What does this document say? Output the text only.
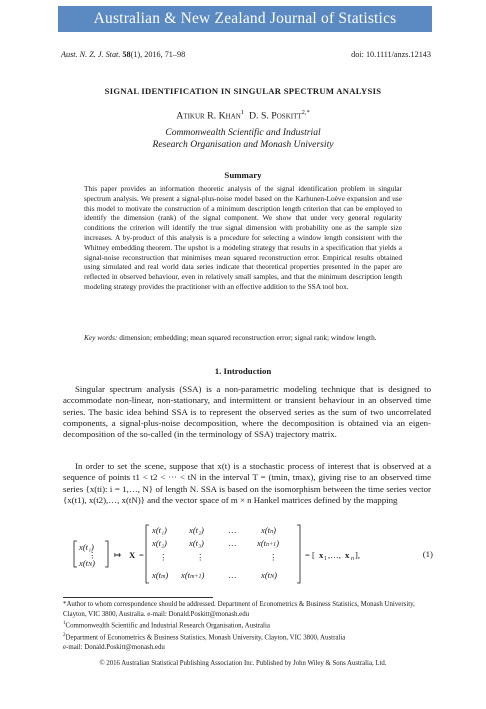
Australian & New Zealand Journal of Statistics
Aust. N. Z. J. Stat. 58(1), 2016, 71–98	doi: 10.1111/anzs.12143
SIGNAL IDENTIFICATION IN SINGULAR SPECTRUM ANALYSIS
Atikur R. Khan$^1$ D. S. Poskitt$^{2,*}$
Commonwealth Scientific and Industrial
Research Organisation and Monash University
Summary

This paper provides an information theoretic analysis of the signal identification problem in singular spectrum analysis. We present a signal-plus-noise model based on the Karhunen-Loève expansion and use this model to motivate the construction of a minimum description length criterion that can be employed to identify the dimension (rank) of the signal component. We show that under very general regularity conditions the criterion will identify the true signal dimension with probability one as the sample size increases. A by-product of this analysis is a procedure for selecting a window length consistent with the Whitney embedding theorem. The upshot is a modeling strategy that results in a specification that yields a signal-noise reconstruction that minimises mean squared reconstruction error. Empirical results obtained using simulated and real world data series indicate that theoretical properties presented in the paper are reflected in observed behaviour, even in relatively small samples, and that the minimum description length modeling strategy provides the practitioner with an effective addition to the SSA tool box.

Key words: dimension; embedding; mean squared reconstruction error; signal rank; window length.

1. Introduction

Singular spectrum analysis (SSA) is a non-parametric modeling technique that is designed to accommodate non-linear, non-stationary, and intermittent or transient behaviour in an observed time series. The basic idea behind SSA is to represent the observed series as the sum of two uncorrelated components, a signal-plus-noise decomposition, where the decomposition is obtained via an eigen-decomposition of the so-called (in the terminology of SSA) trajectory matrix.

In order to set the scene, suppose that x(t) is a stochastic process of interest that is observed at a sequence of points t1 < t2 < ··· < tN in the interval T = (tmin, tmax), giving rise to an observed time series {x(ti): i = 1,…, N} of length N. SSA is based on the isomorphism between the time series vector {x(t1), x(t2),…, x(tN)} and the vector space of m × n Hankel matrices defined by the mapping

x(t₁)
⋮
x(tN)
↦ X =
x(t₁)	x(t₂)	…	x(tn)
x(t₂)	x(t₃)	… x(tn+1)
⋮	⋮	⋮
x(tm) x(tm+1)	…	x(tN)
= [ x 1 ,…, x n ],	(1)
*Author to whom correspondence should be addressed. Department of Econometrics & Business Statistics, Monash University, Clayton, VIC 3800, Australia. e-mail: Donald.Poskitt@monash.edu
$^1$Commonwealth Scientific and Industrial Research Organisation, Australia
$^2$Department of Econometrics & Business Statistics, Monash University, Clayton, VIC 3800, Australia
e-mail: Donald.Poskitt@monash.edu
© 2016 Australian Statistical Publishing Association Inc. Published by John Wiley & Sons Australia, Ltd.
